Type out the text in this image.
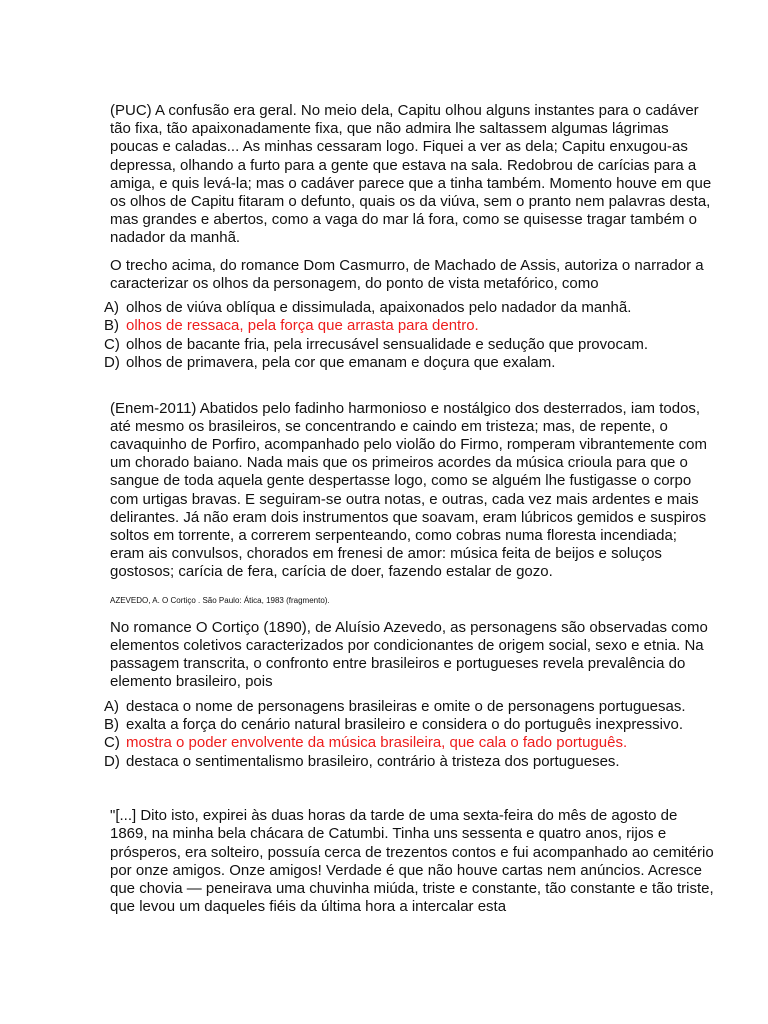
(PUC) A confusão era geral. No meio dela, Capitu olhou alguns instantes para o cadáver tão fixa, tão apaixonadamente fixa, que não admira lhe saltassem algumas lágrimas poucas e caladas... As minhas cessaram logo. Fiquei a ver as dela; Capitu enxugou-as depressa, olhando a furto para a gente que estava na sala. Redobrou de carícias para a amiga, e quis levá-la; mas o cadáver parece que a tinha também. Momento houve em que os olhos de Capitu fitaram o defunto, quais os da viúva, sem o pranto nem palavras desta, mas grandes e abertos, como a vaga do mar lá fora, como se quisesse tragar também o nadador da manhã.

O trecho acima, do romance Dom Casmurro, de Machado de Assis, autoriza o narrador a caracterizar os olhos da personagem, do ponto de vista metafórico, como

A) olhos de viúva oblíqua e dissimulada, apaixonados pelo nadador da manhã.
B) olhos de ressaca, pela força que arrasta para dentro.
C) olhos de bacante fria, pela irrecusável sensualidade e sedução que provocam.
D) olhos de primavera, pela cor que emanam e doçura que exalam.

(Enem-2011) Abatidos pelo fadinho harmonioso e nostálgico dos desterrados, iam todos, até mesmo os brasileiros, se concentrando e caindo em tristeza; mas, de repente, o cavaquinho de Porfiro, acompanhado pelo violão do Firmo, romperam vibrantemente com um chorado baiano. Nada mais que os primeiros acordes da música crioula para que o sangue de toda aquela gente despertasse logo, como se alguém lhe fustigasse o corpo com urtigas bravas. E seguiram-se outra notas, e outras, cada vez mais ardentes e mais delirantes. Já não eram dois instrumentos que soavam, eram lúbricos gemidos e suspiros soltos em torrente, a correrem serpenteando, como cobras numa floresta incendiada; eram ais convulsos, chorados em frenesi de amor: música feita de beijos e soluços gostosos; carícia de fera, carícia de doer, fazendo estalar de gozo.

AZEVEDO, A. O Cortiço . São Paulo: Ática, 1983 (fragmento).

No romance O Cortiço (1890), de Aluísio Azevedo, as personagens são observadas como elementos coletivos caracterizados por condicionantes de origem social, sexo e etnia. Na passagem transcrita, o confronto entre brasileiros e portugueses revela prevalência do elemento brasileiro, pois

A) destaca o nome de personagens brasileiras e omite o de personagens portuguesas.
B) exalta a força do cenário natural brasileiro e considera o do português inexpressivo.
C) mostra o poder envolvente da música brasileira, que cala o fado português.
D) destaca o sentimentalismo brasileiro, contrário à tristeza dos portugueses.

"[...] Dito isto, expirei às duas horas da tarde de uma sexta-feira do mês de agosto de 1869, na minha bela chácara de Catumbi. Tinha uns sessenta e quatro anos, rijos e prósperos, era solteiro, possuía cerca de trezentos contos e fui acompanhado ao cemitério por onze amigos. Onze amigos! Verdade é que não houve cartas nem anúncios. Acresce que chovia — peneirava uma chuvinha miúda, triste e constante, tão constante e tão triste, que levou um daqueles fiéis da última hora a intercalar esta
